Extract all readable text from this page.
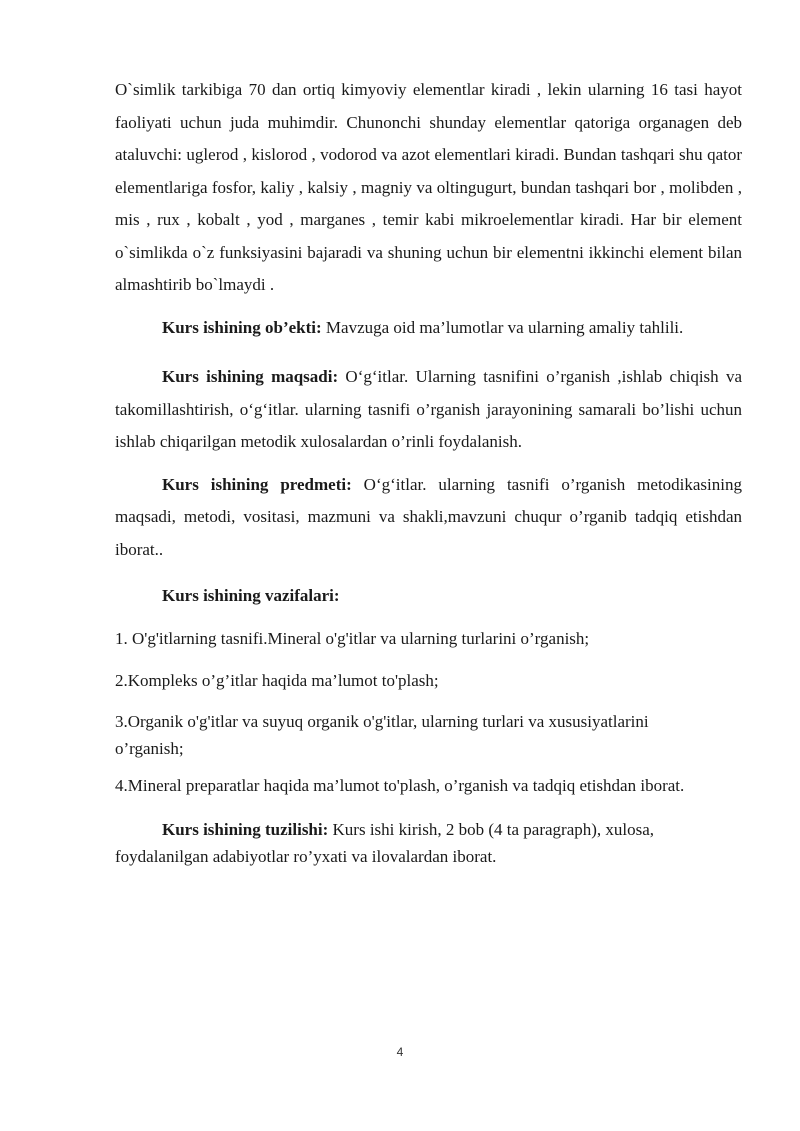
O`simlik tarkibiga 70 dan ortiq kimyoviy elementlar kiradi , lekin ularning 16 tasi hayot faoliyati uchun juda muhimdir. Chunonchi shunday elementlar qatoriga organagen deb ataluvchi: uglerod , kislorod , vodorod va azot elementlari kiradi. Bundan tashqari shu qator elementlariga fosfor, kaliy , kalsiy , magniy va oltingugurt, bundan tashqari bor , molibden , mis , rux , kobalt , yod , marganes , temir kabi mikroelementlar kiradi. Har bir element o`simlikda o`z funksiyasini bajaradi va shuning uchun bir elementni ikkinchi element bilan almashtirib bo`lmaydi .

Kurs ishining ob’ekti: Mavzuga oid ma’lumotlar va ularning amaliy tahlili.

Kurs ishining maqsadi: O‘g‘itlar. Ularning tasnifini o’rganish ,ishlab chiqish va takomillashtirish, o‘g‘itlar. ularning tasnifi o’rganish jarayonining samarali bo’lishi uchun ishlab chiqarilgan metodik xulosalardan o’rinli foydalanish.

Kurs ishining predmeti: O‘g‘itlar. ularning tasnifi o’rganish metodikasining maqsadi, metodi, vositasi, mazmuni va shakli,mavzuni chuqur o’rganib tadqiq etishdan iborat..

Kurs ishining vazifalari:

1. O'g'itlarning tasnifi.Mineral o'g'itlar va ularning turlarini o’rganish;

2.Kompleks o’g’itlar haqida ma’lumot to'plash;

3.Organik o'g'itlar va suyuq organik o'g'itlar, ularning turlari va xususiyatlarini o’rganish;

4.Mineral preparatlar haqida ma’lumot to'plash, o’rganish va tadqiq etishdan iborat.

Kurs ishining tuzilishi: Kurs ishi kirish, 2 bob (4 ta paragraph), xulosa, foydalanilgan adabiyotlar ro’yxati va ilovalardan iborat.

4
